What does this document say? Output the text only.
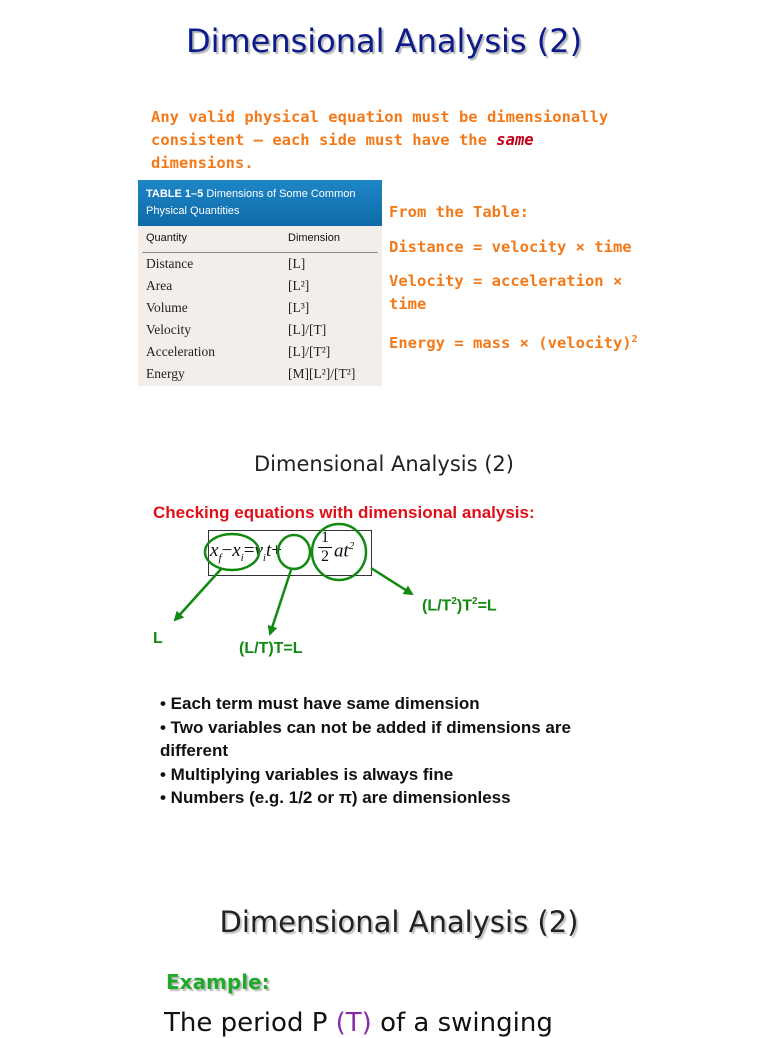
Dimensional Analysis (2)
Any valid physical equation must be dimensionally consistent – each side must have the same dimensions.
TABLE 1–5 Dimensions of Some Common Physical Quantities
Quantity	Dimension
Distance	[L]
Area	[L²]
Volume	[L³]
Velocity	[L]/[T]
Acceleration	[L]/[T²]
Energy	[M][L²]/[T²]
From the Table:
Distance = velocity × time
Velocity = acceleration ×
time
Energy = mass × (velocity)$^2$
Dimensional Analysis (2)
Checking equations with dimensional analysis:
$x_f-x_i=v_it+ \frac{1}{2} at^2$
L
(L/T)T=L
$(L/T^2)T^2=L$
• Each term must have same dimension
• Two variables can not be added if dimensions are different
• Multiplying variables is always fine
• Numbers (e.g. 1/2 or π) are dimensionless
Dimensional Analysis (2)
Example:
The period P (T) of a swinging
